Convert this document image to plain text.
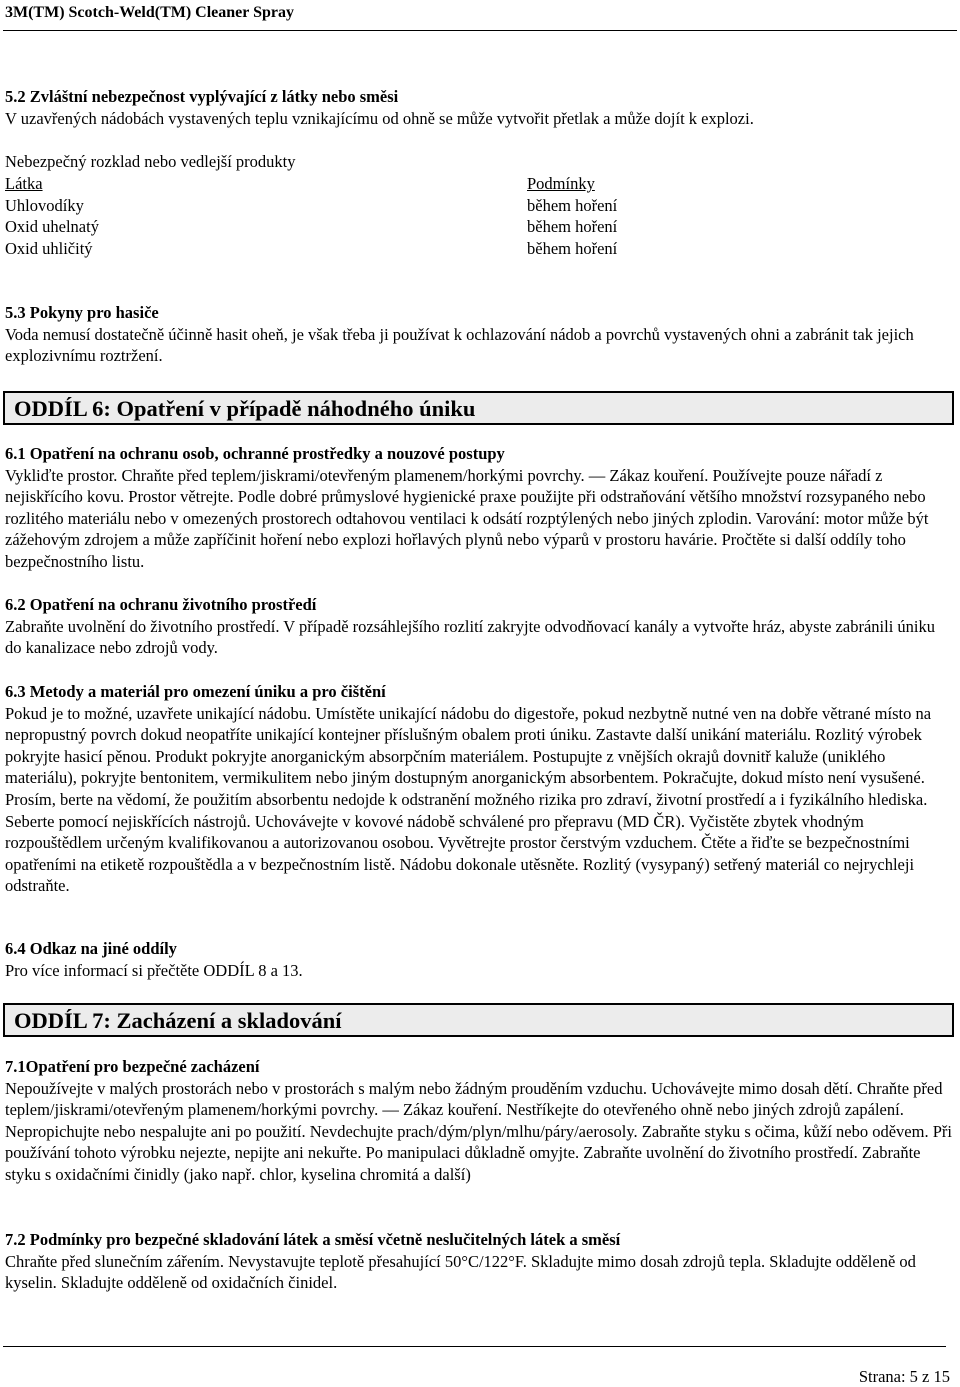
3M(TM) Scotch-Weld(TM) Cleaner Spray
5.2 Zvláštní nebezpečnost vyplývající z látky nebo směsi
V uzavřených nádobách vystavených teplu vznikajícímu od ohně se může vytvořit přetlak a může dojít k explozi.
Nebezpečný rozklad nebo vedlejší produkty
Látka
Uhlovodíky
Oxid uhelnatý
Oxid uhličitý
Podmínky
během hoření
během hoření
během hoření
5.3 Pokyny pro hasiče
Voda nemusí dostatečně účinně hasit oheň, je však třeba ji používat k ochlazování nádob a povrchů vystavených ohni a zabránit tak jejich explozivnímu roztržení.
ODDÍL 6: Opatření v případě náhodného úniku
6.1 Opatření na ochranu osob, ochranné prostředky a nouzové postupy
Vykliďte prostor. Chraňte před teplem/jiskrami/otevřeným plamenem/horkými povrchy. — Zákaz kouření. Používejte pouze nářadí z nejiskřícího kovu. Prostor větrejte. Podle dobré průmyslové hygienické praxe použijte při odstraňování většího množství rozsypaného nebo rozlitého materiálu nebo v omezených prostorech odtahovou ventilaci k odsátí rozptýlených nebo jiných zplodin. Varování: motor může být zážehovým zdrojem a může zapříčinit hoření nebo explozi hořlavých plynů nebo výparů v prostoru havárie. Pročtěte si další oddíly toho bezpečnostního listu.
6.2 Opatření na ochranu životního prostředí
Zabraňte uvolnění do životního prostředí. V případě rozsáhlejšího rozlití zakryjte odvodňovací kanály a vytvořte hráz, abyste zabránili úniku do kanalizace nebo zdrojů vody.
6.3 Metody a materiál pro omezení úniku a pro čištění
Pokud je to možné, uzavřete unikající nádobu. Umístěte unikající nádobu do digestoře, pokud nezbytně nutné ven na dobře větrané místo na nepropustný povrch dokud neopatříte unikající kontejner příslušným obalem proti úniku. Zastavte další unikání materiálu. Rozlitý výrobek pokryjte hasicí pěnou. Produkt pokryjte anorganickým absorpčním materiálem. Postupujte z vnějších okrajů dovnitř kaluže (uniklého materiálu), pokryjte bentonitem, vermikulitem nebo jiným dostupným anorganickým absorbentem. Pokračujte, dokud místo není vysušené. Prosím, berte na vědomí, že použitím absorbentu nedojde k odstranění možného rizika pro zdraví, životní prostředí a i fyzikálního hlediska. Seberte pomocí nejiskřících nástrojů. Uchovávejte v kovové nádobě schválené pro přepravu (MD ČR). Vyčistěte zbytek vhodným rozpouštědlem určeným kvalifikovanou a autorizovanou osobou. Vyvětrejte prostor čerstvým vzduchem. Čtěte a řiďte se bezpečnostními opatřeními na etiketě rozpouštědla a v bezpečnostním listě. Nádobu dokonale utěsněte. Rozlitý (vysypaný) setřený materiál co nejrychleji odstraňte.
6.4 Odkaz na jiné oddíly
Pro více informací si přečtěte ODDÍL 8 a 13.
ODDÍL 7: Zacházení a skladování
7.1Opatření pro bezpečné zacházení
Nepoužívejte v malých prostorách nebo v prostorách s malým nebo žádným prouděním vzduchu. Uchovávejte mimo dosah dětí. Chraňte před teplem/jiskrami/otevřeným plamenem/horkými povrchy. — Zákaz kouření. Nestříkejte do otevřeného ohně nebo jiných zdrojů zapálení. Nepropichujte nebo nespalujte ani po použití. Nevdechujte prach/dým/plyn/mlhu/páry/aerosoly. Zabraňte styku s očima, kůží nebo oděvem. Při používání tohoto výrobku nejezte, nepijte ani nekuřte. Po manipulaci důkladně omyjte. Zabraňte uvolnění do životního prostředí. Zabraňte styku s oxidačními činidly (jako např. chlor, kyselina chromitá a další)
7.2 Podmínky pro bezpečné skladování látek a směsí včetně neslučitelných látek a směsí
Chraňte před slunečním zářením. Nevystavujte teplotě přesahující 50°C/122°F. Skladujte mimo dosah zdrojů tepla. Skladujte odděleně od kyselin. Skladujte odděleně od oxidačních činidel.
Strana: 5 z 15
